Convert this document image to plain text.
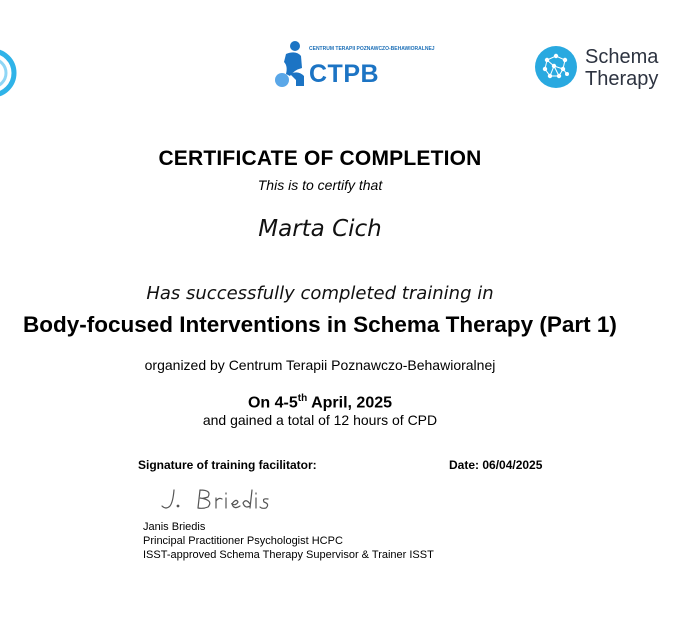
CENTRUM TERAPII POZNAWCZO-BEHAWIORALNEJ
CTPB
Schema
Therapy
CERTIFICATE OF COMPLETION
This is to certify that
Marta Cich
Has successfully completed training in
Body-focused Interventions in Schema Therapy (Part 1)
organized by Centrum Terapii Poznawczo-Behawioralnej
On 4-5th April, 2025
and gained a total of 12 hours of CPD
Signature of training facilitator:	Date: 06/04/2025
Janis Briedis
Principal Practitioner Psychologist HCPC
ISST-approved Schema Therapy Supervisor & Trainer ISST
